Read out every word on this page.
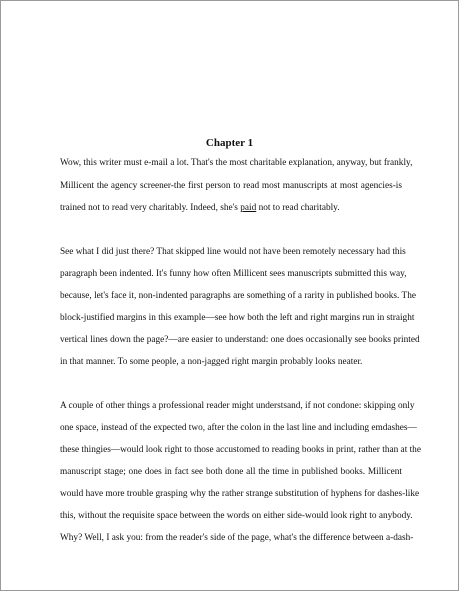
Chapter 1
Wow, this writer must e-mail a lot. That's the most charitable explanation, anyway, but frankly,
Millicent the agency screener-the first person to read most manuscripts at most agencies-is
trained not to read very charitably. Indeed, she's paid not to read charitably.
See what I did just there? That skipped line would not have been remotely necessary had this
paragraph been indented. It's funny how often Millicent sees manuscripts submitted this way,
because, let's face it, non-indented paragraphs are something of a rarity in published books. The
block-justified margins in this example—see how both the left and right margins run in straight
vertical lines down the page?—are easier to understand: one does occasionally see books printed
in that manner. To some people, a non-jagged right margin probably looks neater.
A couple of other things a professional reader might understsand, if not condone: skipping only
one space, instead of the expected two, after the colon in the last line and including emdashes—
these thingies—would look right to those accustomed to reading books in print, rather than at the
manuscript stage; one does in fact see both done all the time in published books. Millicent
would have more trouble grasping why the rather strange substitution of hyphens for dashes-like
this, without the requisite space between the words on either side-would look right to anybody.
Why? Well, I ask you: from the reader's side of the page, what's the difference between a-dash-
